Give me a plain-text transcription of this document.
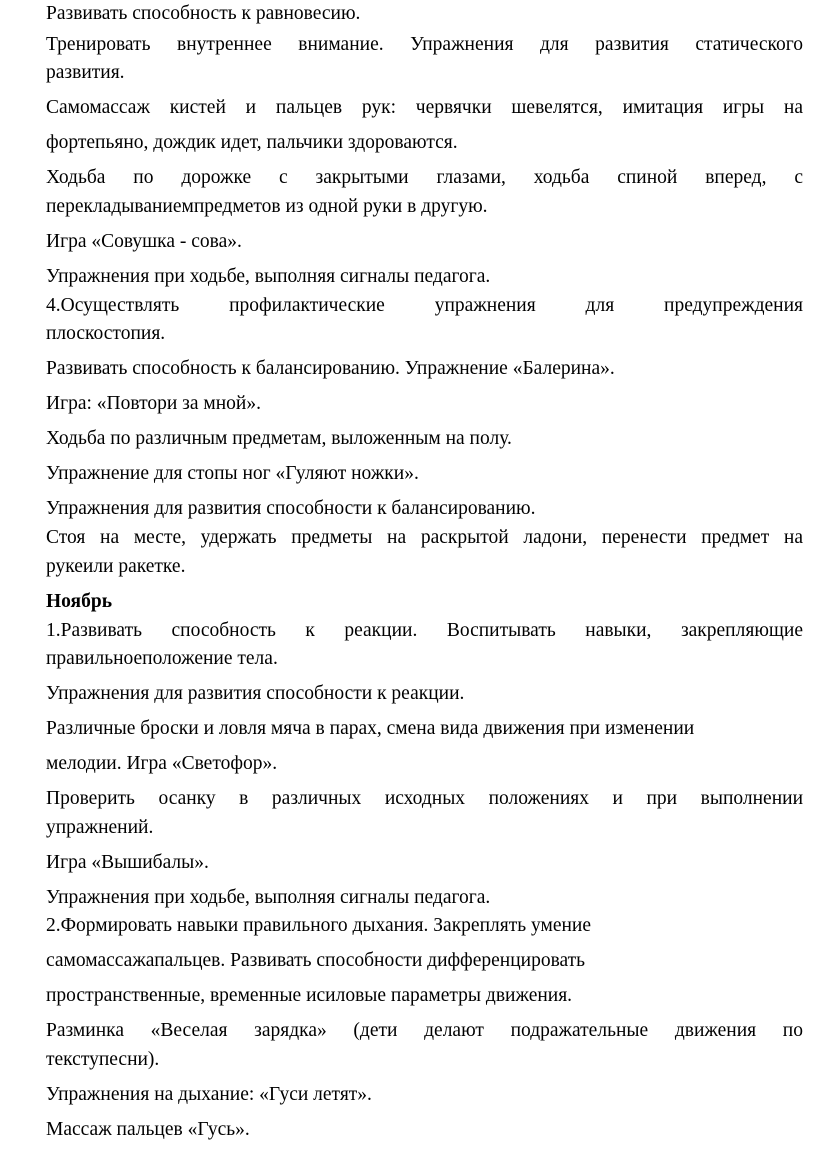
Развивать способность к равновесию.

Тренировать внутреннее внимание. Упражнения для развития статического

развития.

Самомассаж кистей и пальцев рук: червячки шевелятся, имитация игры на

фортепьяно, дождик идет, пальчики здороваются.

Ходьба по дорожке с закрытыми глазами, ходьба спиной вперед, с

перекладываниемпредметов из одной руки в другую.

Игра «Совушка - сова».

Упражнения при ходьбе, выполняя сигналы педагога.

4.Осуществлять профилактические упражнения для предупреждения

плоскостопия.

Развивать способность к балансированию. Упражнение «Балерина».

Игра: «Повтори за мной».

Ходьба по различным предметам, выложенным на полу.

Упражнение для стопы ног «Гуляют ножки».

Упражнения для развития способности к балансированию.

Стоя на месте, удержать предметы на раскрытой ладони, перенести предмет на

рукеили ракетке.

Ноябрь

1.Развивать способность к реакции. Воспитывать навыки, закрепляющие

правильноеположение тела.

Упражнения для развития способности к реакции.

Различные броски и ловля мяча в парах, смена вида движения при изменении

мелодии. Игра «Светофор».

Проверить осанку в различных исходных положениях и при выполнении

упражнений.

Игра «Вышибалы».

Упражнения при ходьбе, выполняя сигналы педагога.

2.Формировать навыки правильного дыхания. Закреплять умение

самомассажапальцев. Развивать способности дифференцировать

пространственные, временные исиловые параметры движения.

Разминка «Веселая зарядка» (дети делают подражательные движения по

текступесни).

Упражнения на дыхание: «Гуси летят».

Массаж пальцев «Гусь».
